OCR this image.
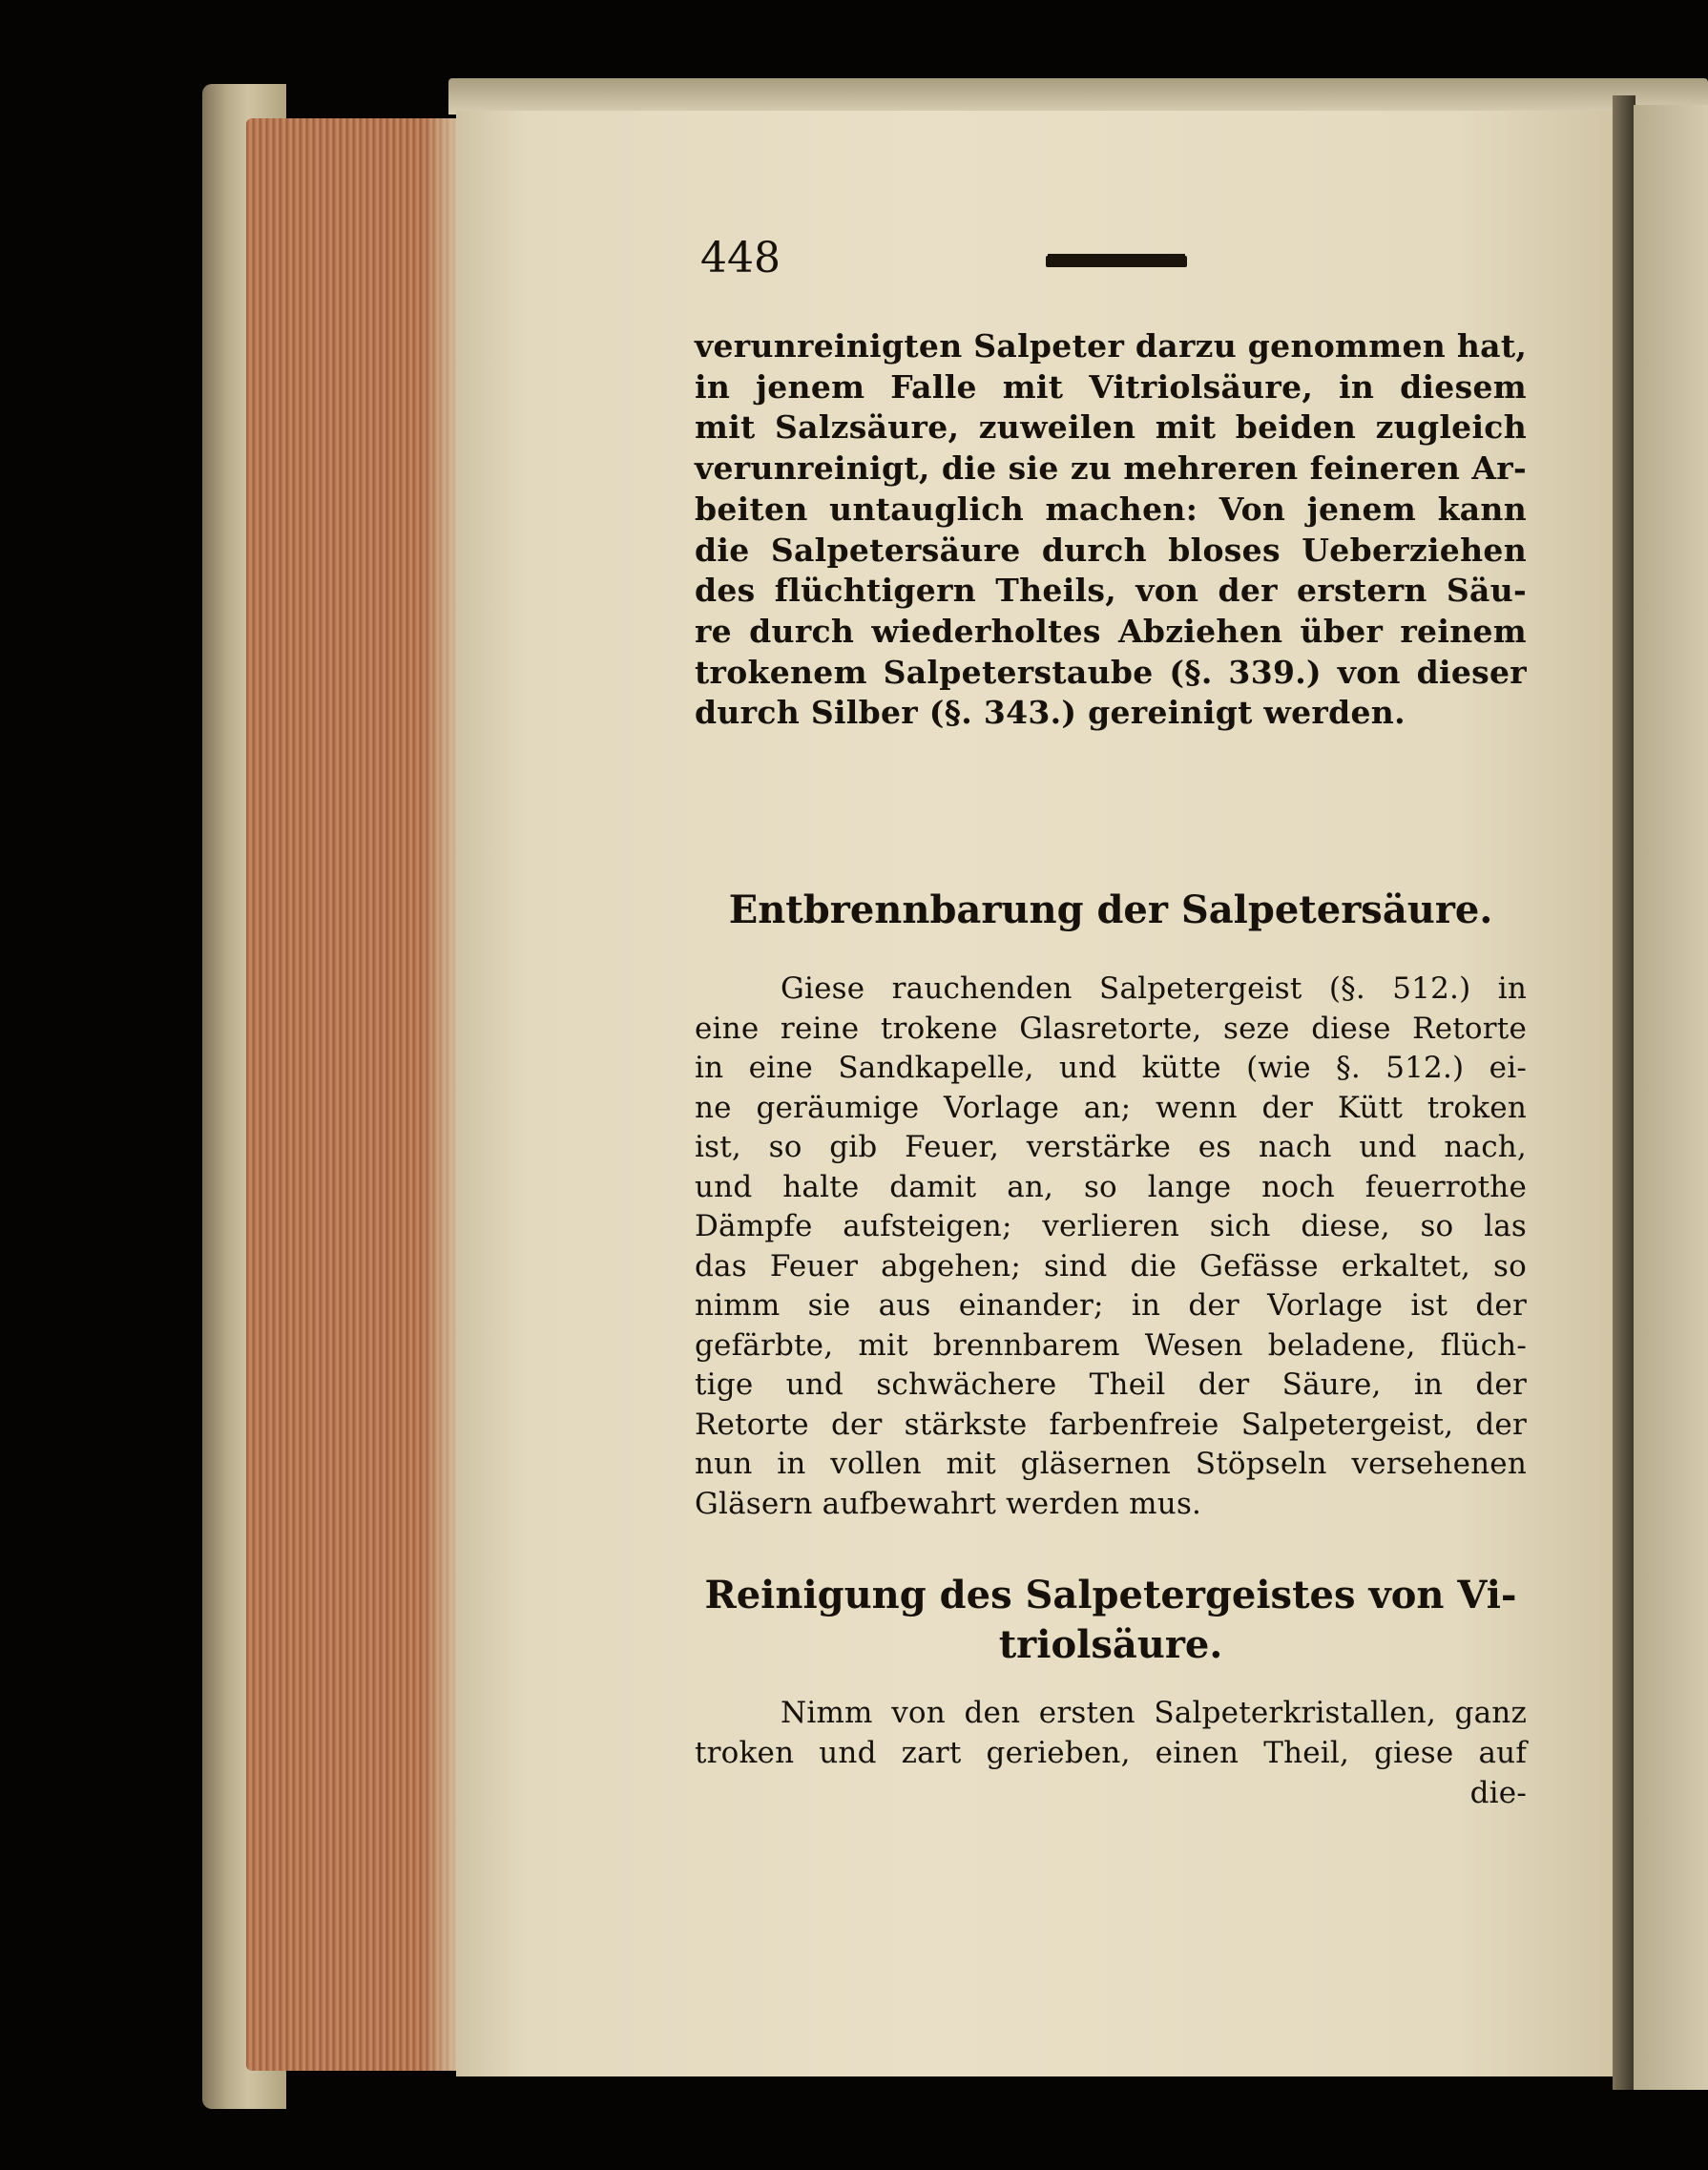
448
verunreinigten Salpeter darzu genommen hat,
in jenem Falle mit Vitriolsäure, in diesem
mit Salzsäure, zuweilen mit beiden zugleich
verunreinigt, die sie zu mehreren feineren Ar-
beiten untauglich machen: Von jenem kann
die Salpetersäure durch bloses Ueberziehen
des flüchtigern Theils, von der erstern Säu-
re durch wiederholtes Abziehen über reinem
trokenem Salpeterstaube (§. 339.) von dieser
durch Silber (§. 343.) gereinigt werden.
Entbrennbarung der Salpetersäure.
Giese rauchenden Salpetergeist (§. 512.) in
eine reine trokene Glasretorte, seze diese Retorte
in eine Sandkapelle, und kütte (wie §. 512.) ei-
ne geräumige Vorlage an; wenn der Kütt troken
ist, so gib Feuer, verstärke es nach und nach,
und halte damit an, so lange noch feuerrothe
Dämpfe aufsteigen; verlieren sich diese, so las
das Feuer abgehen; sind die Gefässe erkaltet, so
nimm sie aus einander; in der Vorlage ist der
gefärbte, mit brennbarem Wesen beladene, flüch-
tige und schwächere Theil der Säure, in der
Retorte der stärkste farbenfreie Salpetergeist, der
nun in vollen mit gläsernen Stöpseln versehenen
Gläsern aufbewahrt werden mus.
Reinigung des Salpetergeistes von Vi-
triolsäure.
Nimm von den ersten Salpeterkristallen, ganz
troken und zart gerieben, einen Theil, giese auf
die-
